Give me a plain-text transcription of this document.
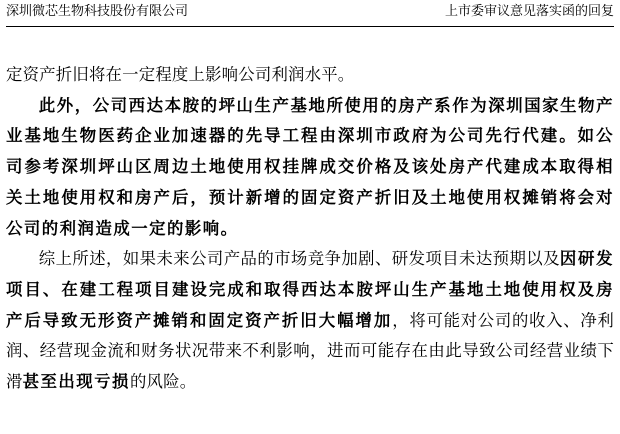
深圳微芯生物科技股份有限公司	上市委审议意见落实函的回复

定资产折旧将在一定程度上影响公司利润水平。

此外，公司西达本胺的坪山生产基地所使用的房产系作为深圳国家生物产业基地生物医药企业加速器的先导工程由深圳市政府为公司先行代建。如公司参考深圳坪山区周边土地使用权挂牌成交价格及该处房产代建成本取得相关土地使用权和房产后，预计新增的固定资产折旧及土地使用权摊销将会对公司的利润造成一定的影响。

综上所述，如果未来公司产品的市场竞争加剧、研发项目未达预期以及因研发项目、在建工程项目建设完成和取得西达本胺坪山生产基地土地使用权及房产后导致无形资产摊销和固定资产折旧大幅增加，将可能对公司的收入、净利润、经营现金流和财务状况带来不利影响，进而可能存在由此导致公司经营业绩下滑甚至出现亏损的风险。
